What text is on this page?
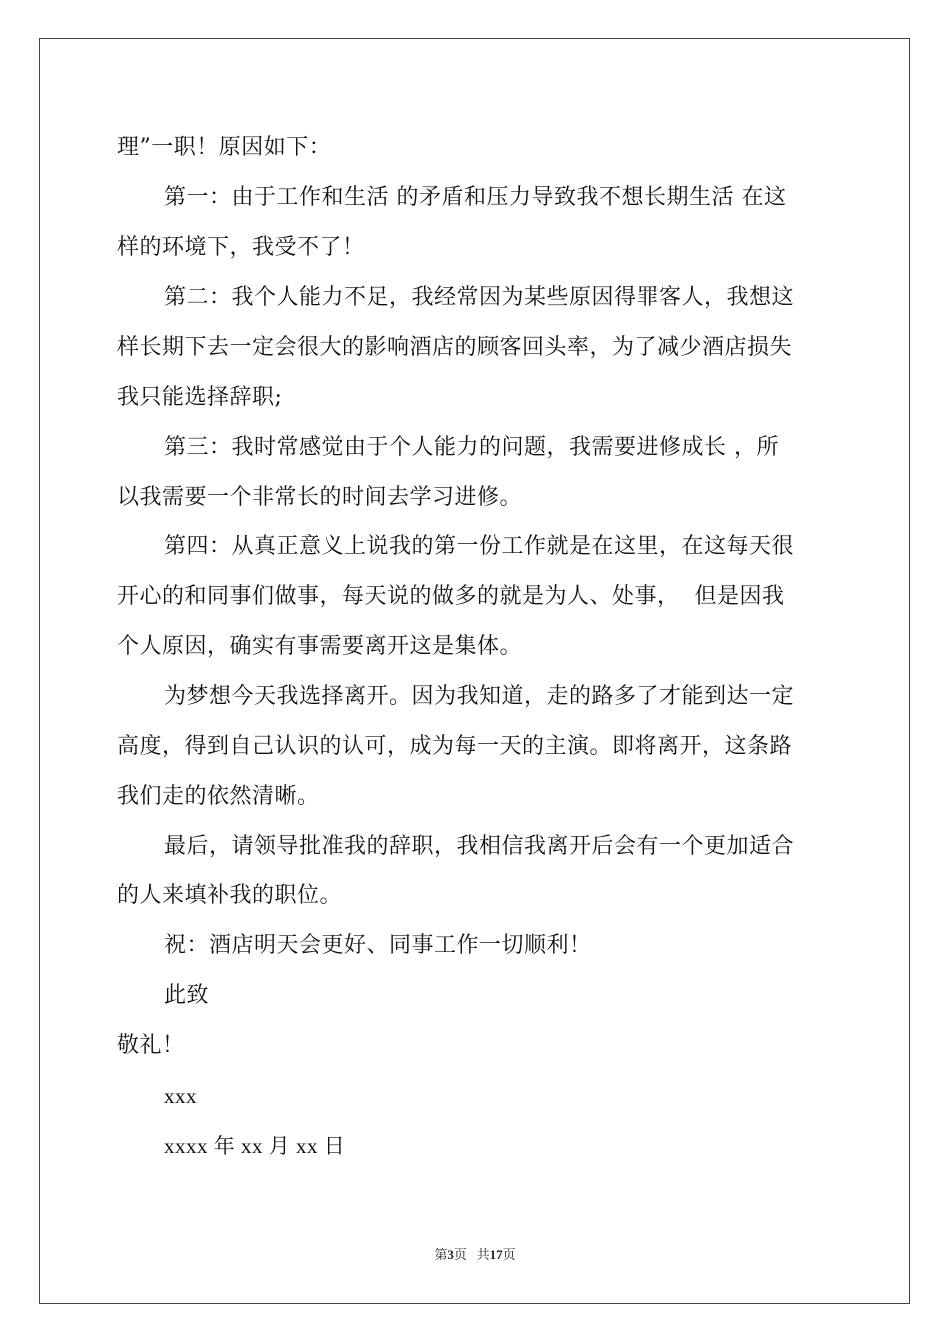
理”一职！原因如下：
第一：由于工作和生活 的矛盾和压力导致我不想长期生活 在这
样的环境下，我受不了！
第二：我个人能力不足，我经常因为某些原因得罪客人，我想这
样长期下去一定会很大的影响酒店的顾客回头率，为了减少酒店损失
我只能选择辞职;
第三：我时常感觉由于个人能力的问题，我需要进修成长 ，所
以我需要一个非常长的时间去学习进修。
第四：从真正意义上说我的第一份工作就是在这里，在这每天很
开心的和同事们做事，每天说的做多的就是为人、处事，  但是因我
个人原因，确实有事需要离开这是集体。
为梦想今天我选择离开。因为我知道，走的路多了才能到达一定
高度，得到自己认识的认可，成为每一天的主演。即将离开，这条路
我们走的依然清晰。
最后，请领导批准我的辞职，我相信我离开后会有一个更加适合
的人来填补我的职位。
祝：酒店明天会更好、同事工作一切顺利！
此致
敬礼！
xxx
xxxx 年 xx 月 xx 日
第3页 共17页
